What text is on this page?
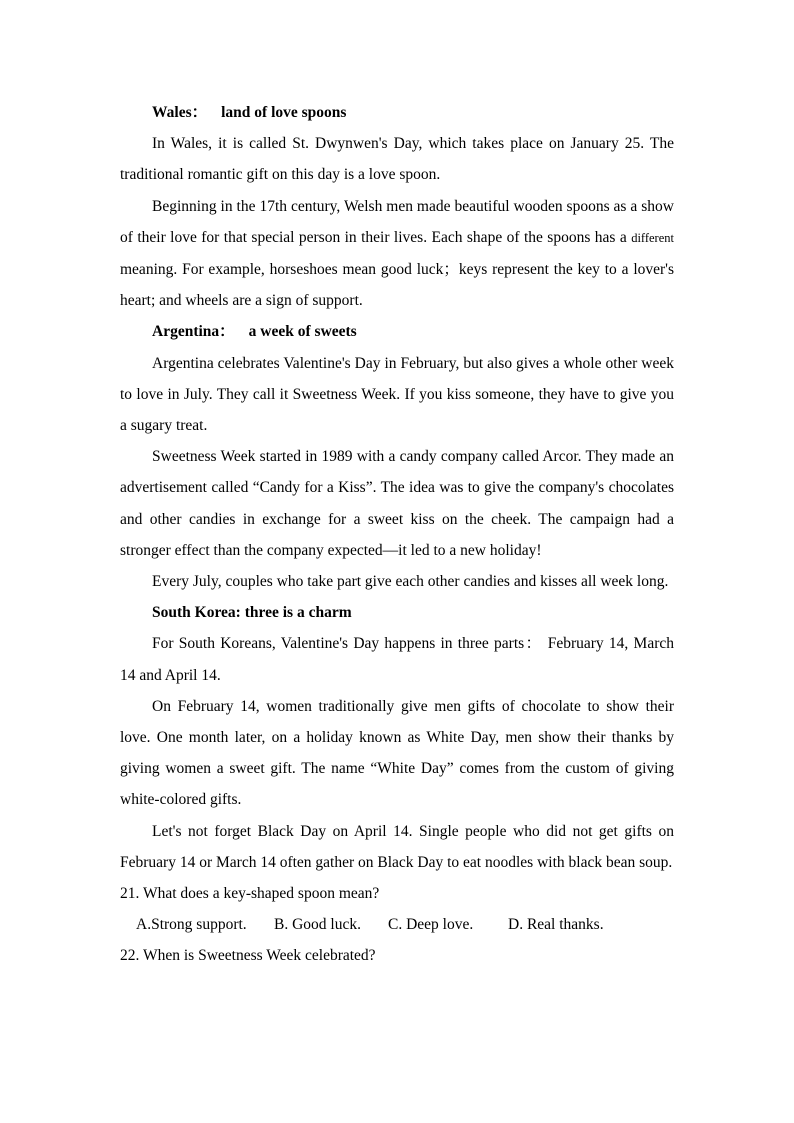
Wales： land of love spoons

In Wales, it is called St. Dwynwen's Day, which takes place on January 25. The traditional romantic gift on this day is a love spoon.

Beginning in the 17th century, Welsh men made beautiful wooden spoons as a show of their love for that special person in their lives. Each shape of the spoons has a different meaning. For example, horseshoes mean good luck；keys represent the key to a lover's heart; and wheels are a sign of support.

Argentina： a week of sweets

Argentina celebrates Valentine's Day in February, but also gives a whole other week to love in July. They call it Sweetness Week. If you kiss someone, they have to give you a sugary treat.

Sweetness Week started in 1989 with a candy company called Arcor. They made an advertisement called “Candy for a Kiss”. The idea was to give the company's chocolates and other candies in exchange for a sweet kiss on the cheek. The campaign had a stronger effect than the company expected—it led to a new holiday!

Every July, couples who take part give each other candies and kisses all week long.

South Korea: three is a charm

For South Koreans, Valentine's Day happens in three parts： February 14, March 14 and April 14.

On February 14, women traditionally give men gifts of chocolate to show their love. One month later, on a holiday known as White Day, men show their thanks by giving women a sweet gift. The name “White Day” comes from the custom of giving white-colored gifts.

Let's not forget Black Day on April 14. Single people who did not get gifts on February 14 or March 14 often gather on Black Day to eat noodles with black bean soup.

21. What does a key-shaped spoon mean?

A.Strong support. B. Good luck. C. Deep love. D. Real thanks.

22. When is Sweetness Week celebrated?
